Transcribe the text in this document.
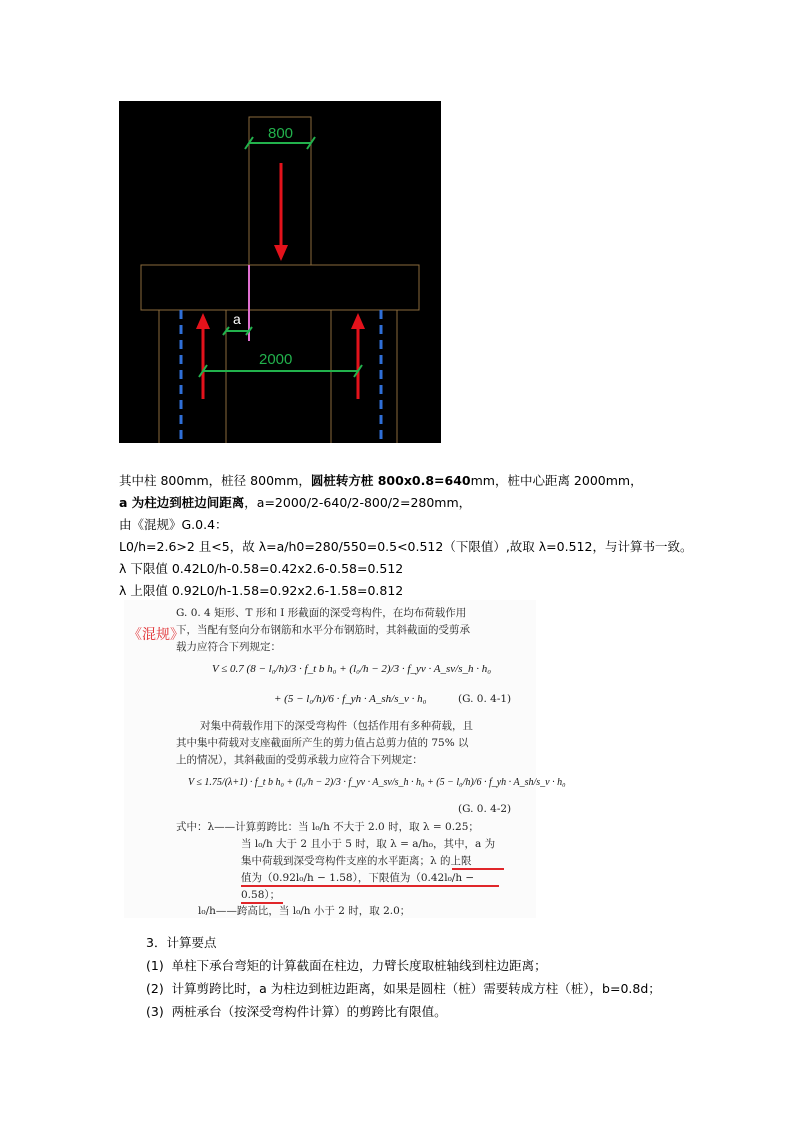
800
a
2000
其中柱 800mm，桩径 800mm，圆桩转方桩 800x0.8=640mm，桩中心距离 2000mm，
a 为柱边到桩边间距离，a=2000/2-640/2-800/2=280mm，
由《混规》G.0.4：
L0/h=2.6>2 且<5，故 λ=a/h0=280/550=0.5<0.512（下限值）,故取 λ=0.512，与计算书一致。
λ 下限值 0.42L0/h-0.58=0.42x2.6-0.58=0.512
λ 上限值 0.92L0/h-1.58=0.92x2.6-1.58=0.812
《混规》
G. 0. 4 矩形、T 形和 I 形截面的深受弯构件，在均布荷载作用
下，当配有竖向分布钢筋和水平分布钢筋时，其斜截面的受剪承
载力应符合下列规定：
V ≤ 0.7 (8 − l₀/h)/3 · f_t b h₀ + (l₀/h − 2)/3 · f_yv · A_sv/s_h · h₀
+ (5 − l₀/h)/6 · f_yh · A_sh/s_v · h₀	(G. 0. 4-1)
对集中荷载作用下的深受弯构件（包括作用有多种荷载，且
其中集中荷载对支座截面所产生的剪力值占总剪力值的 75% 以
上的情况），其斜截面的受剪承载力应符合下列规定：
V ≤ 1.75/(λ+1) · f_t b h₀ + (l₀/h − 2)/3 · f_yv · A_sv/s_h · h₀ + (5 − l₀/h)/6 · f_yh · A_sh/s_v · h₀
(G. 0. 4-2)
式中：λ——计算剪跨比：当 l₀/h 不大于 2.0 时，取 λ = 0.25；
当 l₀/h 大于 2 且小于 5 时，取 λ = a/h₀，其中，a 为
集中荷载到深受弯构件支座的水平距离；λ 的上限
值为（0.92l₀/h − 1.58），下限值为（0.42l₀/h −
0.58）；
l₀/h——跨高比，当 l₀/h 小于 2 时，取 2.0；
3．计算要点
(1) 单柱下承台弯矩的计算截面在柱边，力臂长度取桩轴线到柱边距离；
(2) 计算剪跨比时，a 为柱边到桩边距离，如果是圆柱（桩）需要转成方柱（桩），b=0.8d；
(3) 两桩承台（按深受弯构件计算）的剪跨比有限值。
